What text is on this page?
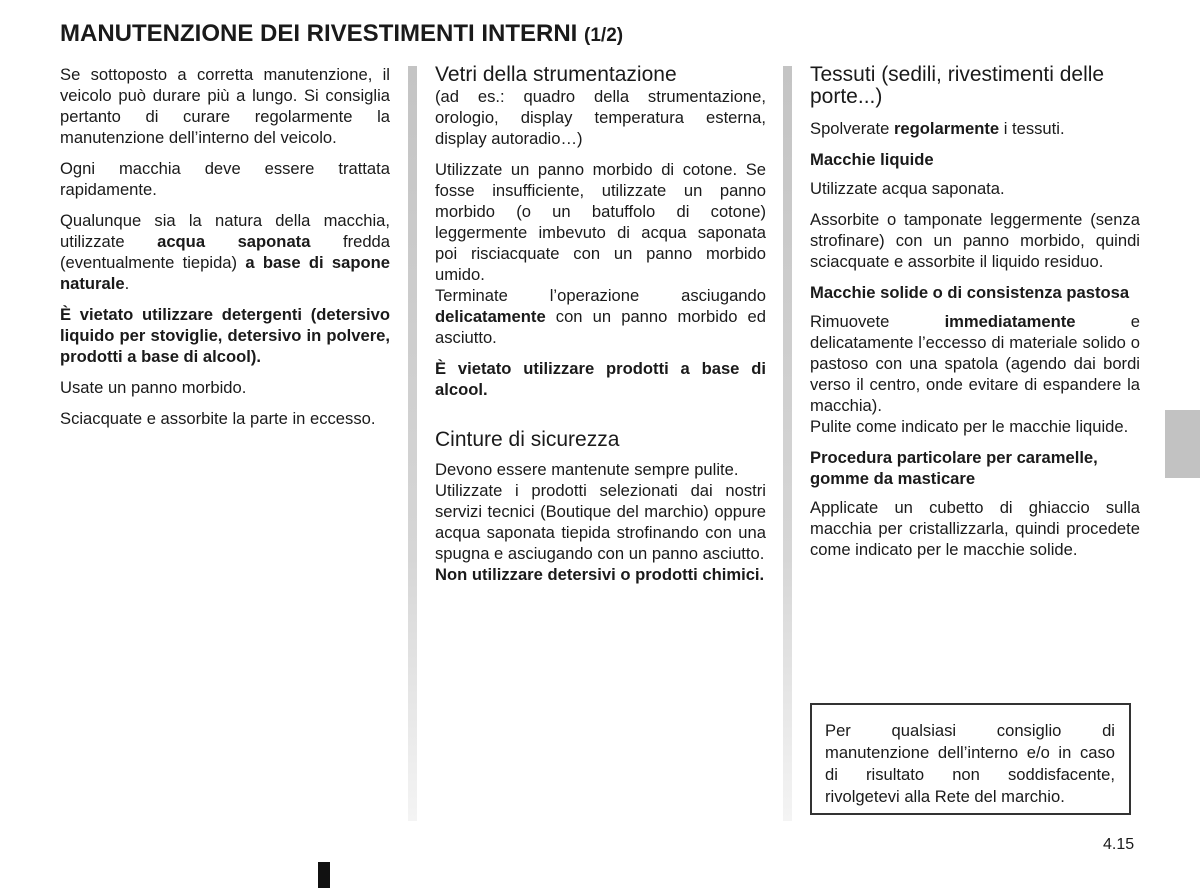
MANUTENZIONE DEI RIVESTIMENTI INTERNI (1/2)

Se sottoposto a corretta manutenzione, il veicolo può durare più a lungo. Si consiglia pertanto di curare regolarmente la manutenzione dell’interno del veicolo.

Ogni macchia deve essere trattata rapidamente.

Qualunque sia la natura della macchia, utilizzate acqua saponata fredda (eventualmente tiepida) a base di sapone naturale.

È vietato utilizzare detergenti (detersivo liquido per stoviglie, detersivo in polvere, prodotti a base di alcool).

Usate un panno morbido.

Sciacquate e assorbite la parte in eccesso.

Vetri della strumentazione

(ad es.: quadro della strumentazione, orologio, display temperatura esterna, display autoradio…)

Utilizzate un panno morbido di cotone. Se fosse insufficiente, utilizzate un panno morbido (o un batuffolo di cotone) leggermente imbevuto di acqua saponata poi risciacquate con un panno morbido umido.

Terminate l’operazione asciugando delicatamente con un panno morbido ed asciutto.

È vietato utilizzare prodotti a base di alcool.

Cinture di sicurezza

Devono essere mantenute sempre pulite.

Utilizzate i prodotti selezionati dai nostri servizi tecnici (Boutique del marchio) oppure acqua saponata tiepida strofinando con una spugna e asciugando con un panno asciutto.

Non utilizzare detersivi o prodotti chimici.

Tessuti (sedili, rivestimenti delle porte...)

Spolverate regolarmente i tessuti.

Macchie liquide

Utilizzate acqua saponata.

Assorbite o tamponate leggermente (senza strofinare) con un panno morbido, quindi sciacquate e assorbite il liquido residuo.

Macchie solide o di consistenza pastosa

Rimuovete immediatamente e delicatamente l’eccesso di materiale solido o pastoso con una spatola (agendo dai bordi verso il centro, onde evitare di espandere la macchia).

Pulite come indicato per le macchie liquide.

Procedura particolare per caramelle, gomme da masticare

Applicate un cubetto di ghiaccio sulla macchia per cristallizzarla, quindi procedete come indicato per le macchie solide.

Per qualsiasi consiglio di manutenzione dell’interno e/o in caso di risultato non soddisfacente, rivolgetevi alla Rete del marchio.
4.15
